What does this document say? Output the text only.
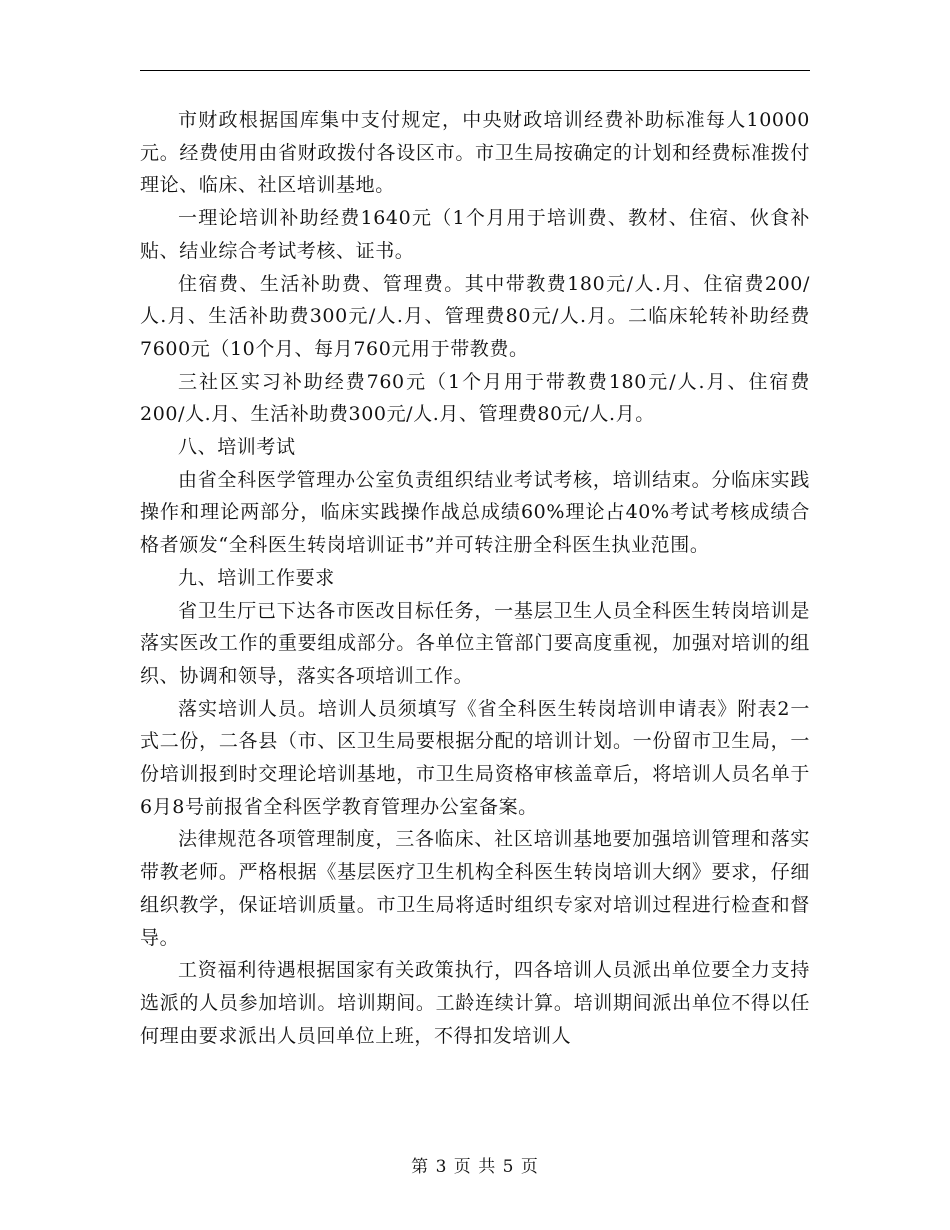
市财政根据国库集中支付规定，中央财政培训经费补助标准每人10000元。经费使用由省财政拨付各设区市。市卫生局按确定的计划和经费标准拨付理论、临床、社区培训基地。

一理论培训补助经费1640元（1个月用于培训费、教材、住宿、伙食补贴、结业综合考试考核、证书。

住宿费、生活补助费、管理费。其中带教费180元/人.月、住宿费200/人.月、生活补助费300元/人.月、管理费80元/人.月。二临床轮转补助经费7600元（10个月、每月760元用于带教费。

三社区实习补助经费760元（1个月用于带教费180元/人.月、住宿费200/人.月、生活补助费300元/人.月、管理费80元/人.月。

八、培训考试

由省全科医学管理办公室负责组织结业考试考核，培训结束。分临床实践操作和理论两部分，临床实践操作战总成绩60%理论占40%考试考核成绩合格者颁发“全科医生转岗培训证书”并可转注册全科医生执业范围。

九、培训工作要求

省卫生厅已下达各市医改目标任务，一基层卫生人员全科医生转岗培训是落实医改工作的重要组成部分。各单位主管部门要高度重视，加强对培训的组织、协调和领导，落实各项培训工作。

落实培训人员。培训人员须填写《省全科医生转岗培训申请表》附表2一式二份，二各县（市、区卫生局要根据分配的培训计划。一份留市卫生局，一份培训报到时交理论培训基地，市卫生局资格审核盖章后，将培训人员名单于6月8号前报省全科医学教育管理办公室备案。

法律规范各项管理制度，三各临床、社区培训基地要加强培训管理和落实带教老师。严格根据《基层医疗卫生机构全科医生转岗培训大纲》要求，仔细组织教学，保证培训质量。市卫生局将适时组织专家对培训过程进行检查和督导。

工资福利待遇根据国家有关政策执行，四各培训人员派出单位要全力支持选派的人员参加培训。培训期间。工龄连续计算。培训期间派出单位不得以任何理由要求派出人员回单位上班，不得扣发培训人

第 3 页 共 5 页
